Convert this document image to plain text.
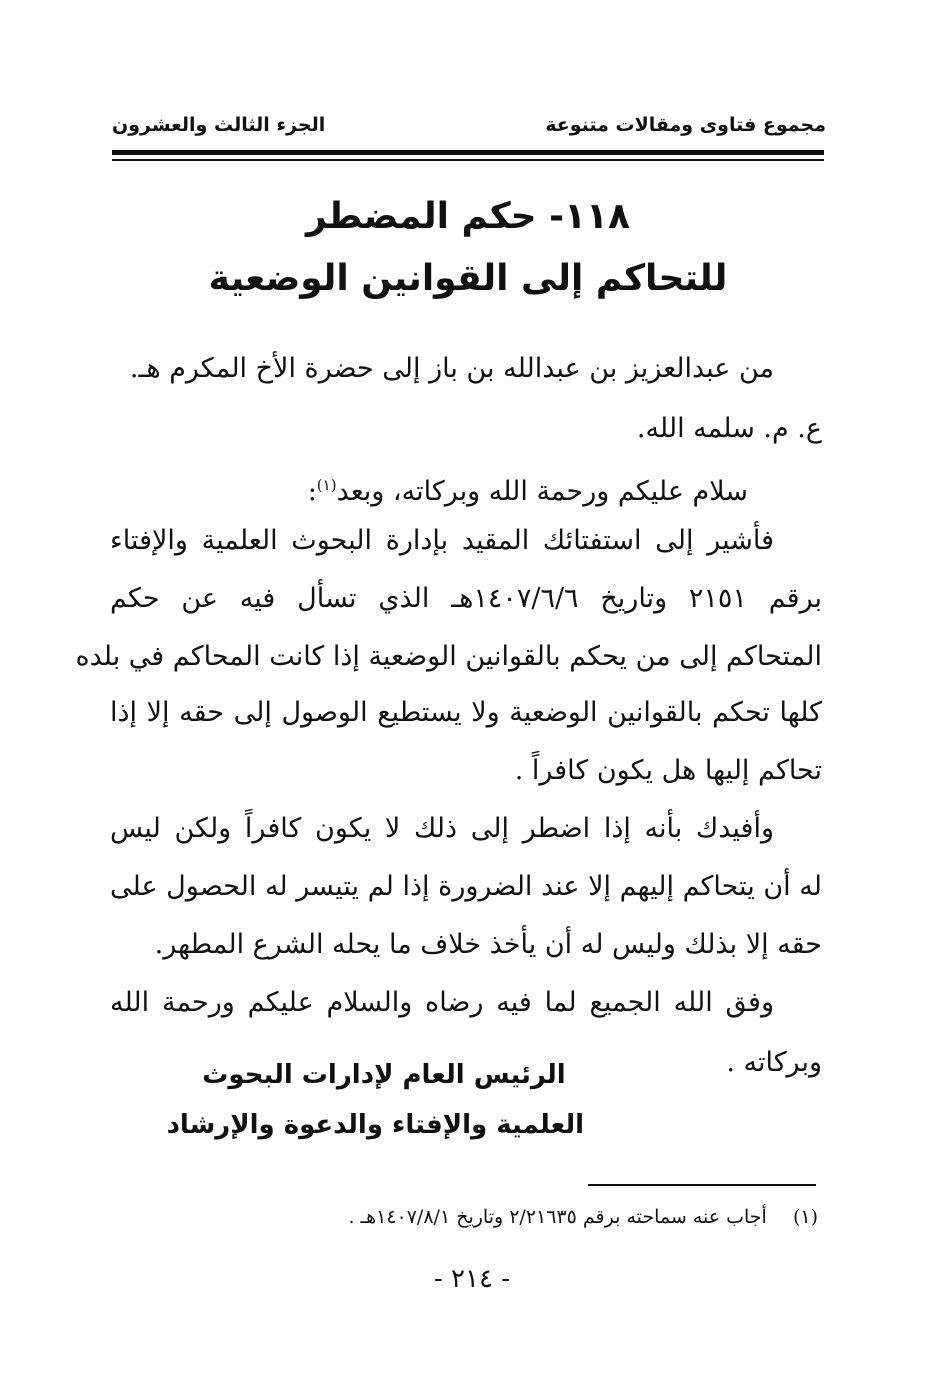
مجموع فتاوى ومقالات متنوعة
الجزء الثالث والعشرون
١١٨- حكم المضطر
للتحاكم إلى القوانين الوضعية
من عبدالعزيز بن عبدالله بن باز إلى حضرة الأخ المكرم هـ.
ع. م. سلمه الله.
سلام عليكم ورحمة الله وبركاته، وبعد$^{(١)}$:
فأشير إلى استفتائك المقيد بإدارة البحوث العلمية والإفتاء
برقم ٢١٥١ وتاريخ ١٤٠٧/٦/٦هـ الذي تسأل فيه عن حكم
المتحاكم إلى من يحكم بالقوانين الوضعية إذا كانت المحاكم في بلده
كلها تحكم بالقوانين الوضعية ولا يستطيع الوصول إلى حقه إلا إذا
تحاكم إليها هل يكون كافراً .
وأفيدك بأنه إذا اضطر إلى ذلك لا يكون كافراً ولكن ليس
له أن يتحاكم إليهم إلا عند الضرورة إذا لم يتيسر له الحصول على
حقه إلا بذلك وليس له أن يأخذ خلاف ما يحله الشرع المطهر.
وفق الله الجميع لما فيه رضاه والسلام عليكم ورحمة الله
وبركاته .
الرئيس العام لإدارات البحوث
العلمية والإفتاء والدعوة والإرشاد
(١)  أجاب عنه سماحته برقم ٢/٢١٦٣٥ وتاريخ ١٤٠٧/٨/١هـ .
- ٢١٤ -
